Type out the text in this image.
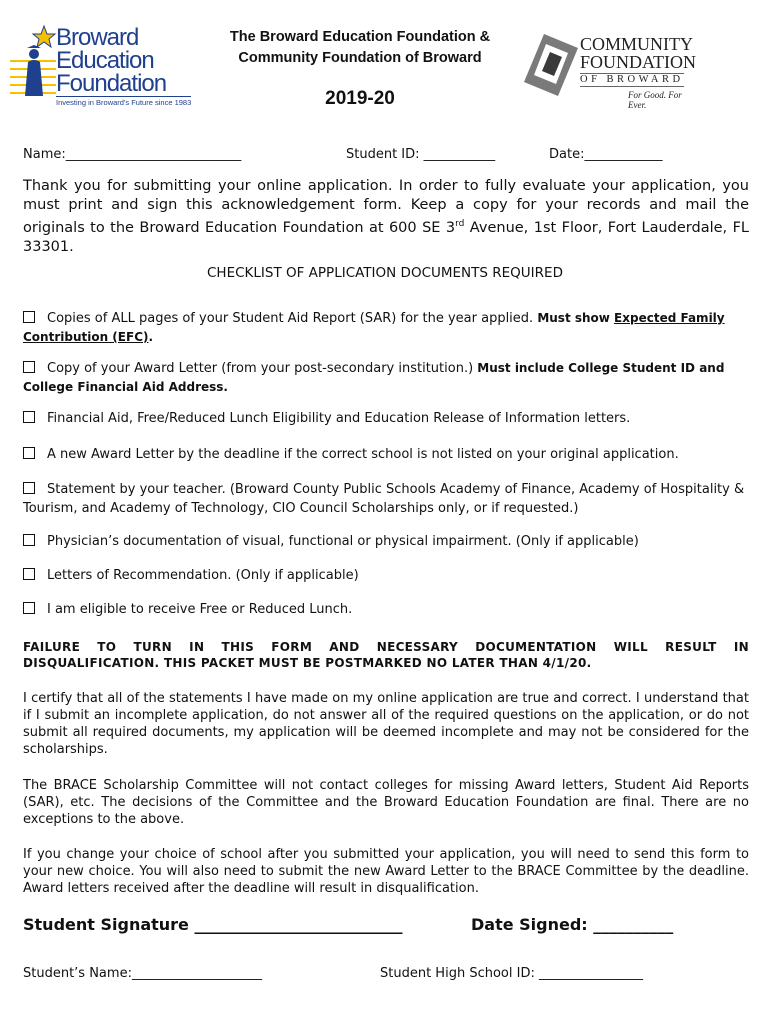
Broward
Education
Foundation
Investing in Broward's Future since 1983
The Broward Education Foundation &
Community Foundation of Broward
2019-20
COMMUNITY
FOUNDATION
OF BROWARD
For Good. For Ever.
Name:___________________________	Student ID: ___________	Date:____________
Thank you for submitting your online application. In order to fully evaluate your application, you must print and sign this acknowledgement form. Keep a copy for your records and mail the originals to the Broward Education Foundation at 600 SE 3rd Avenue, 1st Floor, Fort Lauderdale, FL 33301.
CHECKLIST OF APPLICATION DOCUMENTS REQUIRED
Copies of ALL pages of your Student Aid Report (SAR) for the year applied. Must show Expected Family Contribution (EFC).
Copy of your Award Letter (from your post-secondary institution.) Must include College Student ID and College Financial Aid Address.
Financial Aid, Free/Reduced Lunch Eligibility and Education Release of Information letters.
A new Award Letter by the deadline if the correct school is not listed on your original application.
Statement by your teacher. (Broward County Public Schools Academy of Finance, Academy of Hospitality & Tourism, and Academy of Technology, CIO Council Scholarships only, or if requested.)
Physician’s documentation of visual, functional or physical impairment. (Only if applicable)
Letters of Recommendation. (Only if applicable)
I am eligible to receive Free or Reduced Lunch.
FAILURE TO TURN IN THIS FORM AND NECESSARY DOCUMENTATION WILL RESULT IN DISQUALIFICATION. THIS PACKET MUST BE POSTMARKED NO LATER THAN 4/1/20.
I certify that all of the statements I have made on my online application are true and correct. I understand that if I submit an incomplete application, do not answer all of the required questions on the application, or do not submit all required documents, my application will be deemed incomplete and may not be considered for the scholarships.
The BRACE Scholarship Committee will not contact colleges for missing Award letters, Student Aid Reports (SAR), etc. The decisions of the Committee and the Broward Education Foundation are final. There are no exceptions to the above.
If you change your choice of school after you submitted your application, you will need to send this form to your new choice. You will also need to submit the new Award Letter to the BRACE Committee by the deadline. Award letters received after the deadline will result in disqualification.
Student Signature __________________________	Date Signed: __________
Student’s Name:____________________	Student High School ID: ________________
